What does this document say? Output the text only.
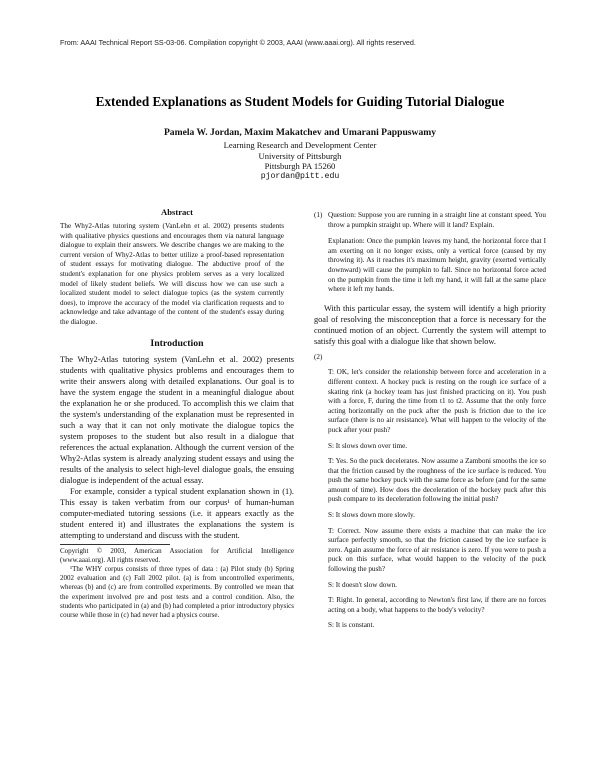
From: AAAI Technical Report SS-03-06. Compilation copyright © 2003, AAAI (www.aaai.org). All rights reserved.
Extended Explanations as Student Models for Guiding Tutorial Dialogue
Pamela W. Jordan, Maxim Makatchev and Umarani Pappuswamy
Learning Research and Development Center
University of Pittsburgh
Pittsburgh PA 15260
pjordan@pitt.edu
Abstract

The Why2-Atlas tutoring system (VanLehn et al. 2002) presents students with qualitative physics questions and encourages them via natural language dialogue to explain their answers. We describe changes we are making to the current version of Why2-Atlas to better utilize a proof-based representation of student essays for motivating dialogue. The abductive proof of the student's explanation for one physics problem serves as a very localized model of likely student beliefs. We will discuss how we can use such a localized student model to select dialogue topics (as the system currently does), to improve the accuracy of the model via clarification requests and to acknowledge and take advantage of the content of the student's essay during the dialogue.

Introduction

The Why2-Atlas tutoring system (VanLehn et al. 2002) presents students with qualitative physics problems and encourages them to write their answers along with detailed explanations. Our goal is to have the system engage the student in a meaningful dialogue about the explanation he or she produced. To accomplish this we claim that the system's understanding of the explanation must be represented in such a way that it can not only motivate the dialogue topics the system proposes to the student but also result in a dialogue that references the actual explanation. Although the current version of the Why2-Atlas system is already analyzing student essays and using the results of the analysis to select high-level dialogue goals, the ensuing dialogue is independent of the actual essay.

For example, consider a typical student explanation shown in (1). This essay is taken verbatim from our corpus¹ of human-human computer-mediated tutoring sessions (i.e. it appears exactly as the student entered it) and illustrates the explanations the system is attempting to understand and discuss with the student.

Copyright © 2003, American Association for Artificial Intelligence (www.aaai.org). All rights reserved.

¹The WHY corpus consists of three types of data : (a) Pilot study (b) Spring 2002 evaluation and (c) Fall 2002 pilot. (a) is from uncontrolled experiments, whereas (b) and (c) are from controlled experiments. By controlled we mean that the experiment involved pre and post tests and a control condition. Also, the students who participated in (a) and (b) had completed a prior introductory physics course while those in (c) had never had a physics course.

(1) Question: Suppose you are running in a straight line at constant speed. You throw a pumpkin straight up. Where will it land? Explain.

Explanation: Once the pumpkin leaves my hand, the horizontal force that I am exerting on it no longer exists, only a vertical force (caused by my throwing it). As it reaches it's maximum height, gravity (exerted vertically downward) will cause the pumpkin to fall. Since no horizontal force acted on the pumpkin from the time it left my hand, it will fall at the same place where it left my hands.

With this particular essay, the system will identify a high priority goal of resolving the misconception that a force is necessary for the continued motion of an object. Currently the system will attempt to satisfy this goal with a dialogue like that shown below.

(2)

T: OK, let's consider the relationship between force and acceleration in a different context. A hockey puck is resting on the rough ice surface of a skating rink (a hockey team has just finished practicing on it). You push with a force, F, during the time from t1 to t2. Assume that the only force acting horizontally on the puck after the push is friction due to the ice surface (there is no air resistance). What will happen to the velocity of the puck after your push?

S: It slows down over time.

T: Yes. So the puck decelerates. Now assume a Zamboni smooths the ice so that the friction caused by the roughness of the ice surface is reduced. You push the same hockey puck with the same force as before (and for the same amount of time). How does the deceleration of the hockey puck after this push compare to its deceleration following the initial push?

S: It slows down more slowly.

T: Correct. Now assume there exists a machine that can make the ice surface perfectly smooth, so that the friction caused by the ice surface is zero. Again assume the force of air resistance is zero. If you were to push a puck on this surface, what would happen to the velocity of the puck following the push?

S: It doesn't slow down.

T: Right. In general, according to Newton's first law, if there are no forces acting on a body, what happens to the body's velocity?

S: It is constant.
